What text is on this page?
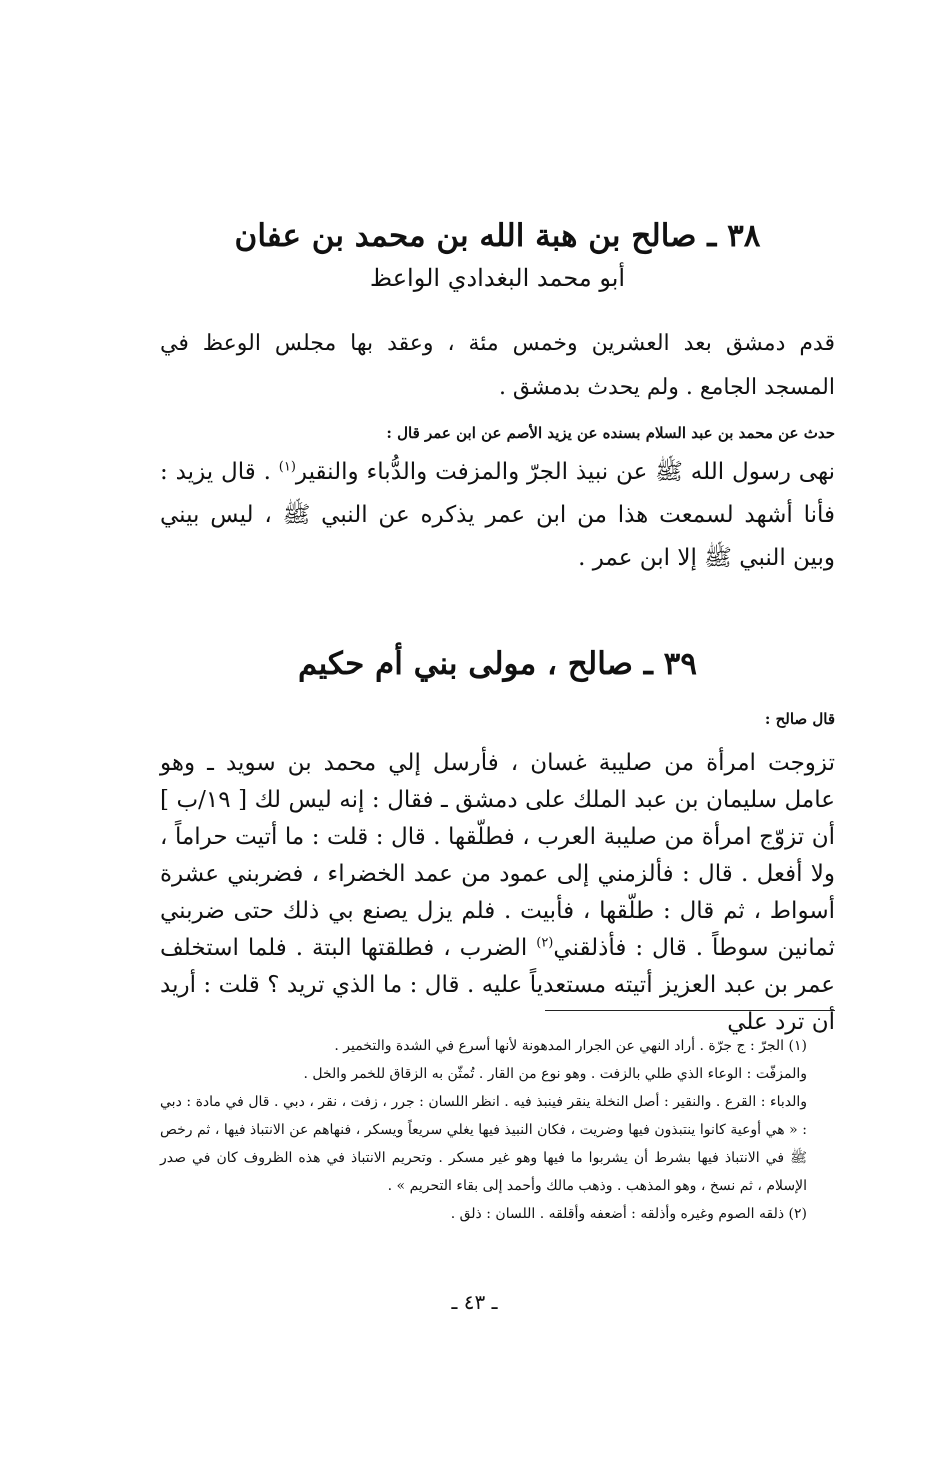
٣٨ ـ صالح بن هبة الله بن محمد بن عفان
أبو محمد البغدادي الواعظ

قدم دمشق بعد العشرين وخمس مئة ، وعقد بها مجلس الوعظ في المسجد الجامع . ولم يحدث بدمشق .

حدث عن محمد بن عبد السلام بسنده عن يزيد الأصم عن ابن عمر قال :

نهى رسول الله ﷺ عن نبيذ الجرّ والمزفت والدُّباء والنقير$^{(١)}$ . قال يزيد : فأنا أشهد لسمعت هذا من ابن عمر يذكره عن النبي ﷺ ، ليس بيني وبين النبي ﷺ إلا ابن عمر .

٣٩ ـ صالح ، مولى بني أم حكيم
قال صالح :

تزوجت امرأة من صليبة غسان ، فأرسل إلي محمد بن سويد ـ وهو عامل سليمان بن عبد الملك على دمشق ـ فقال : إنه ليس لك [ ١٩/ب ] أن تزوّج امرأة من صليبة العرب ، فطلّقها . قال : قلت : ما أتيت حراماً ، ولا أفعل . قال : فألزمني إلى عمود من عمد الخضراء ، فضربني عشرة أسواط ، ثم قال : طلّقها ، فأبيت . فلم يزل يصنع بي ذلك حتى ضربني ثمانين سوطاً . قال : فأذلقني$^{(٢)}$ الضرب ، فطلقتها البتة . فلما استخلف عمر بن عبد العزيز أتيته مستعدياً عليه . قال : ما الذي تريد ؟ قلت : أريد أن ترد علي

(١) الجرّ : ج جرّة . أراد النهي عن الجرار المدهونة لأنها أسرع في الشدة والتخمير .

والمزفّت : الوعاء الذي طلي بالزفت . وهو نوع من القار . تُمثّن به الزقاق للخمر والخل .

والدباء : القرع . والنقير : أصل النخلة ينقر فينبذ فيه . انظر اللسان : جرر ، زفت ، نقر ، دبي . قال في مادة : دبي : « هي أوعية كانوا ينتبذون فيها وضريت ، فكان النبيذ فيها يغلي سريعاً ويسكر ، فنهاهم عن الانتباذ فيها ، ثم رخص ﷺ في الانتباذ فيها بشرط أن يشربوا ما فيها وهو غير مسكر . وتحريم الانتباذ في هذه الظروف كان في صدر الإسلام ، ثم نسخ ، وهو المذهب . وذهب مالك وأحمد إلى بقاء التحريم » .

(٢) ذلقه الصوم وغيره وأذلقه : أضعفه وأقلقه . اللسان : ذلق .

ـ ٤٣ ـ
